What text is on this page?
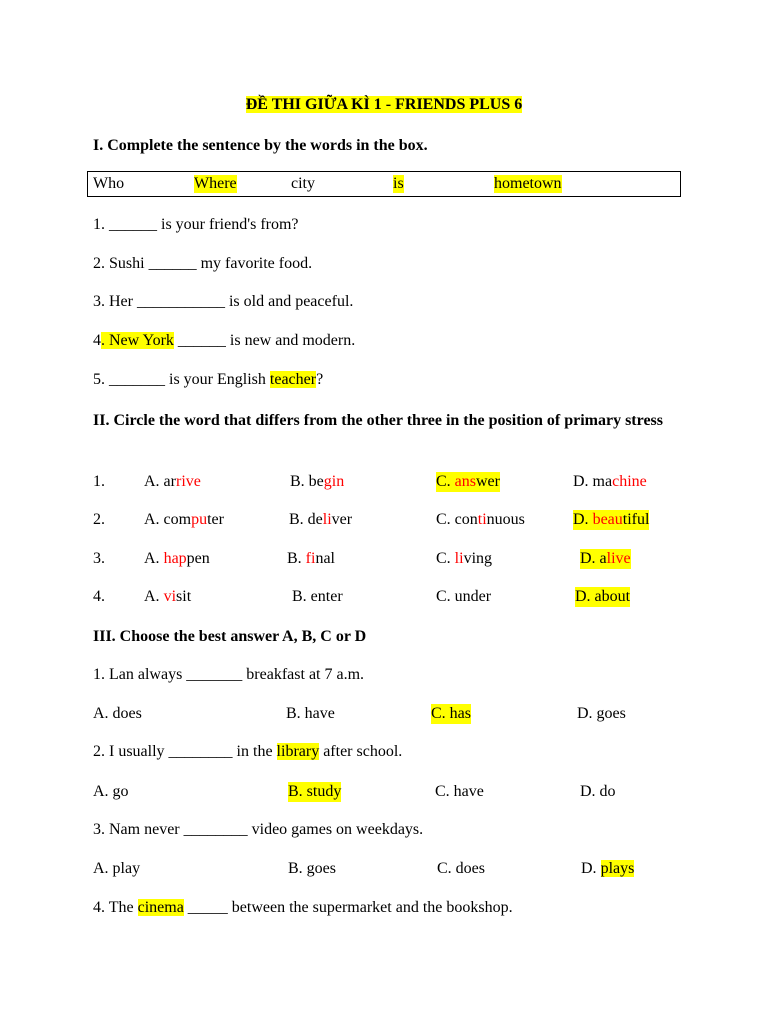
ĐỀ THI GIỮA KÌ 1 - FRIENDS PLUS 6
I. Complete the sentence by the words in the box.
Who	Where	city	is	hometown
1. ______ is your friend's from?
2. Sushi ______ my favorite food.
3. Her ___________ is old and peaceful.
4. New York ______ is new and modern.
5. _______ is your English teacher?
II. Circle the word that differs from the other three in the position of primary stress
1. A. arrive	B. begin	C. answer	D. machine
2. A. computer	B. deliver	C. continuous	D. beautiful
3. A. happen	B. final	C. living	D. alive
4. A. visit	B. enter	C. under	D. about
III. Choose the best answer A, B, C or D
1. Lan always _______ breakfast at 7 a.m.
A. does	B. have	C. has	D. goes
2. I usually ________ in the library after school.
A. go	B. study	C. have	D. do
3. Nam never ________ video games on weekdays.
A. play	B. goes	C. does	D. plays
4. The cinema _____ between the supermarket and the bookshop.
